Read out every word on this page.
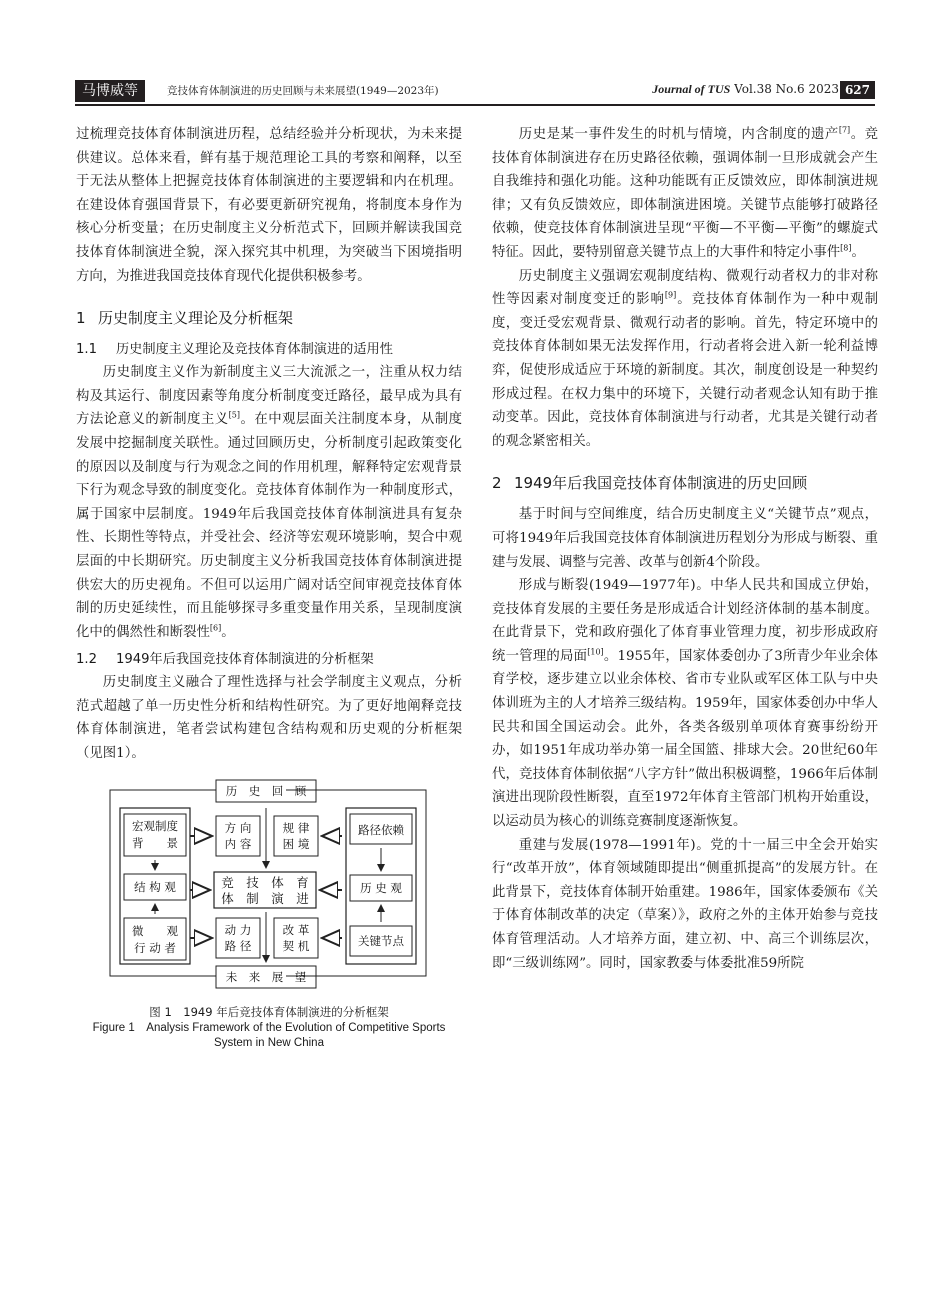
马博威等	竞技体育体制演进的历史回顾与未来展望(1949—2023年)	Journal of TUS Vol.38 No.6 2023 627

过梳理竞技体育体制演进历程，总结经验并分析现状，为未来提供建议。总体来看，鲜有基于规范理论工具的考察和阐释，以至于无法从整体上把握竞技体育体制演进的主要逻辑和内在机理。在建设体育强国背景下，有必要更新研究视角，将制度本身作为核心分析变量；在历史制度主义分析范式下，回顾并解读我国竞技体育体制演进全貌，深入探究其中机理，为突破当下困境指明方向，为推进我国竞技体育现代化提供积极参考。

1 历史制度主义理论及分析框架
1.1 历史制度主义理论及竞技体育体制演进的适用性

历史制度主义作为新制度主义三大流派之一，注重从权力结构及其运行、制度因素等角度分析制度变迁路径，最早成为具有方法论意义的新制度主义[5]。在中观层面关注制度本身，从制度发展中挖掘制度关联性。通过回顾历史，分析制度引起政策变化的原因以及制度与行为观念之间的作用机理，解释特定宏观背景下行为观念导致的制度变化。竞技体育体制作为一种制度形式，属于国家中层制度。1949年后我国竞技体育体制演进具有复杂性、长期性等特点，并受社会、经济等宏观环境影响，契合中观层面的中长期研究。历史制度主义分析我国竞技体育体制演进提供宏大的历史视角。不但可以运用广阔对话空间审视竞技体育体制的历史延续性，而且能够探寻多重变量作用关系，呈现制度演化中的偶然性和断裂性[6]。

1.2 1949年后我国竞技体育体制演进的分析框架

历史制度主义融合了理性选择与社会学制度主义观点，分析范式超越了单一历史性分析和结构性研究。为了更好地阐释竞技体育体制演进，笔者尝试构建包含结构观和历史观的分析框架（见图1）。

历　史　回　顾
未　来　展　望
宏观制度
背　　景
结 构 观
微　　观
行 动 者
方 向
内 容
规 律
困 境
竞　技　体　育
体　制　演　进
动 力
路 径
改 革
契 机
路径依赖
历 史 观
关键节点
图 1　1949 年后竞技体育体制演进的分析框架
Figure 1　Analysis Framework of the Evolution of Competitive Sports
System in New China

历史是某一事件发生的时机与情境，内含制度的遗产[7]。竞技体育体制演进存在历史路径依赖，强调体制一旦形成就会产生自我维持和强化功能。这种功能既有正反馈效应，即体制演进规律；又有负反馈效应，即体制演进困境。关键节点能够打破路径依赖，使竞技体育体制演进呈现“平衡—不平衡—平衡”的螺旋式特征。因此，要特别留意关键节点上的大事件和特定小事件[8]。

历史制度主义强调宏观制度结构、微观行动者权力的非对称性等因素对制度变迁的影响[9]。竞技体育体制作为一种中观制度，变迁受宏观背景、微观行动者的影响。首先，特定环境中的竞技体育体制如果无法发挥作用，行动者将会进入新一轮利益博弈，促使形成适应于环境的新制度。其次，制度创设是一种契约形成过程。在权力集中的环境下，关键行动者观念认知有助于推动变革。因此，竞技体育体制演进与行动者，尤其是关键行动者的观念紧密相关。

2 1949年后我国竞技体育体制演进的历史回顾

基于时间与空间维度，结合历史制度主义“关键节点”观点，可将1949年后我国竞技体育体制演进历程划分为形成与断裂、重建与发展、调整与完善、改革与创新4个阶段。

形成与断裂(1949—1977年)。中华人民共和国成立伊始，竞技体育发展的主要任务是形成适合计划经济体制的基本制度。在此背景下，党和政府强化了体育事业管理力度，初步形成政府统一管理的局面[10]。1955年，国家体委创办了3所青少年业余体育学校，逐步建立以业余体校、省市专业队或军区体工队与中央体训班为主的人才培养三级结构。1959年，国家体委创办中华人民共和国全国运动会。此外，各类各级别单项体育赛事纷纷开办，如1951年成功举办第一届全国篮、排球大会。20世纪60年代，竞技体育体制依据“八字方针”做出积极调整，1966年后体制演进出现阶段性断裂，直至1972年体育主管部门机构开始重设，以运动员为核心的训练竞赛制度逐渐恢复。

重建与发展(1978—1991年)。党的十一届三中全会开始实行“改革开放”，体育领域随即提出“侧重抓提高”的发展方针。在此背景下，竞技体育体制开始重建。1986年，国家体委颁布《关于体育体制改革的决定（草案）》，政府之外的主体开始参与竞技体育管理活动。人才培养方面，建立初、中、高三个训练层次，即“三级训练网”。同时，国家教委与体委批准59所院
